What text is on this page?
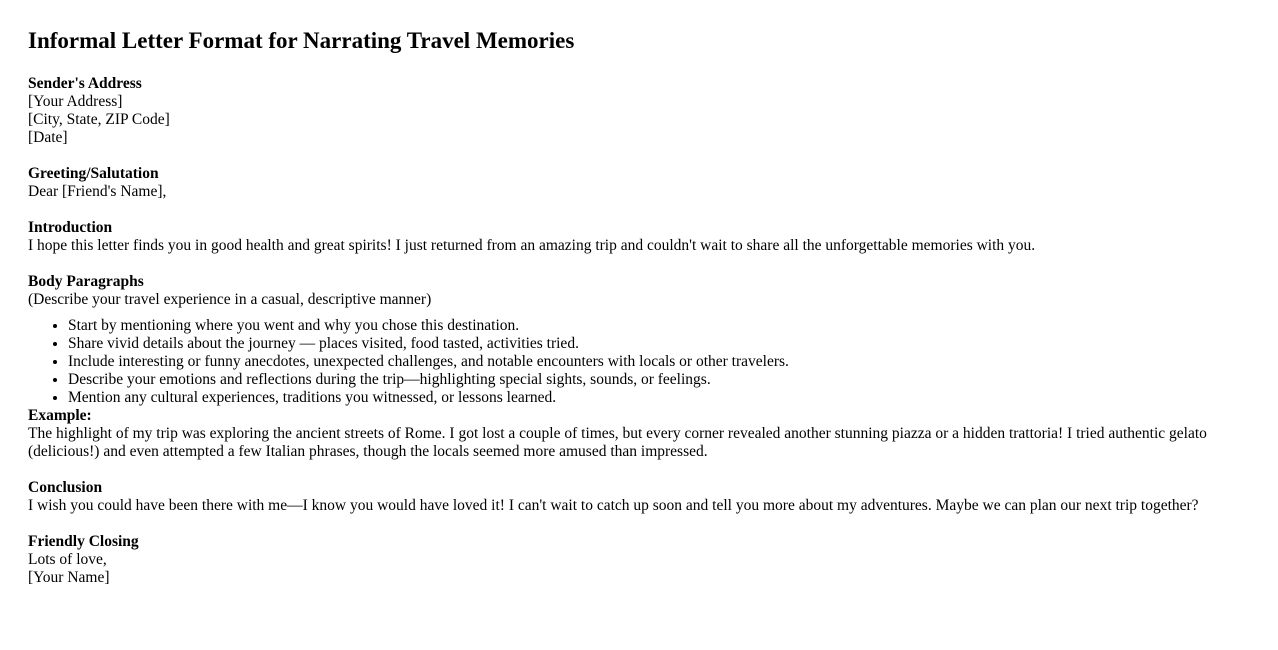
Informal Letter Format for Narrating Travel Memories
Sender's Address
[Your Address]
[City, State, ZIP Code]
[Date]
Greeting/Salutation
Dear [Friend's Name],
Introduction
I hope this letter finds you in good health and great spirits! I just returned from an amazing trip and couldn't wait to share all the unforgettable memories with you.
Body Paragraphs
(Describe your travel experience in a casual, descriptive manner)
• Start by mentioning where you went and why you chose this destination.
• Share vivid details about the journey — places visited, food tasted, activities tried.
• Include interesting or funny anecdotes, unexpected challenges, and notable encounters with locals or other travelers.
• Describe your emotions and reflections during the trip—highlighting special sights, sounds, or feelings.
• Mention any cultural experiences, traditions you witnessed, or lessons learned.
Example:
The highlight of my trip was exploring the ancient streets of Rome. I got lost a couple of times, but every corner revealed another stunning piazza or a hidden trattoria! I tried authentic gelato (delicious!) and even attempted a few Italian phrases, though the locals seemed more amused than impressed.
Conclusion
I wish you could have been there with me—I know you would have loved it! I can't wait to catch up soon and tell you more about my adventures. Maybe we can plan our next trip together?
Friendly Closing
Lots of love,
[Your Name]
